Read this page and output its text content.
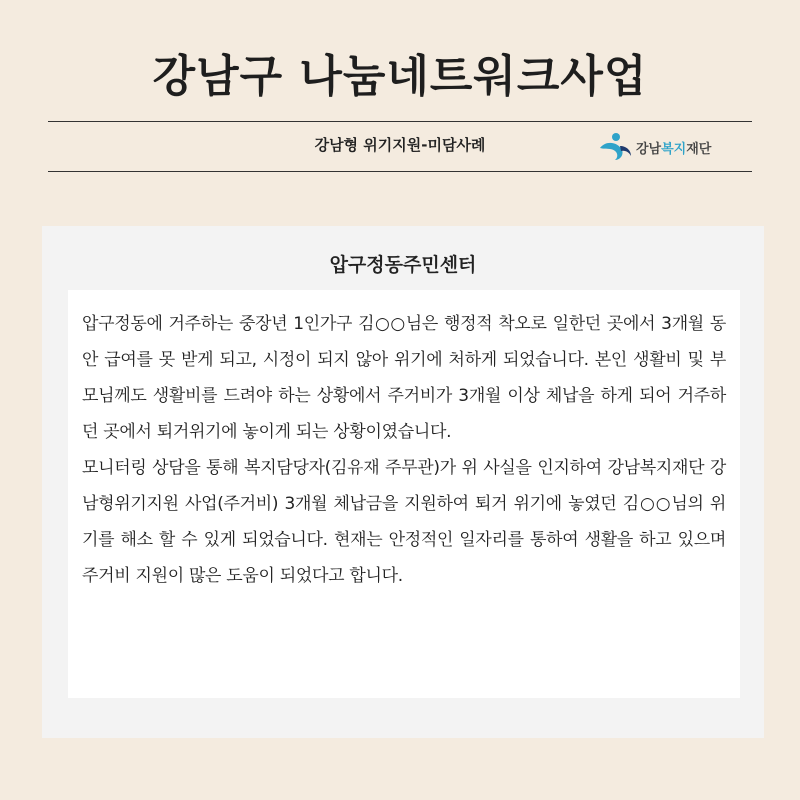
강남구 나눔네트워크사업
강남형 위기지원-미담사례	강남복지재단
압구정동주민센터

압구정동에 거주하는 중장년 1인가구 김○○님은 행정적 착오로 일한던 곳에서 3개월 동안 급여를 못 받게 되고, 시정이 되지 않아 위기에 처하게 되었습니다. 본인 생활비 및 부모님께도 생활비를 드려야 하는 상황에서 주거비가 3개월 이상 체납을 하게 되어 거주하던 곳에서 퇴거위기에 놓이게 되는 상황이였습니다.

모니터링 상담을 통해 복지담당자(김유재 주무관)가 위 사실을 인지하여 강남복지재단 강남형위기지원 사업(주거비) 3개월 체납금을 지원하여 퇴거 위기에 놓였던 김○○님의 위기를 해소 할 수 있게 되었습니다. 현재는 안정적인 일자리를 통하여 생활을 하고 있으며 주거비 지원이 많은 도움이 되었다고 합니다.
